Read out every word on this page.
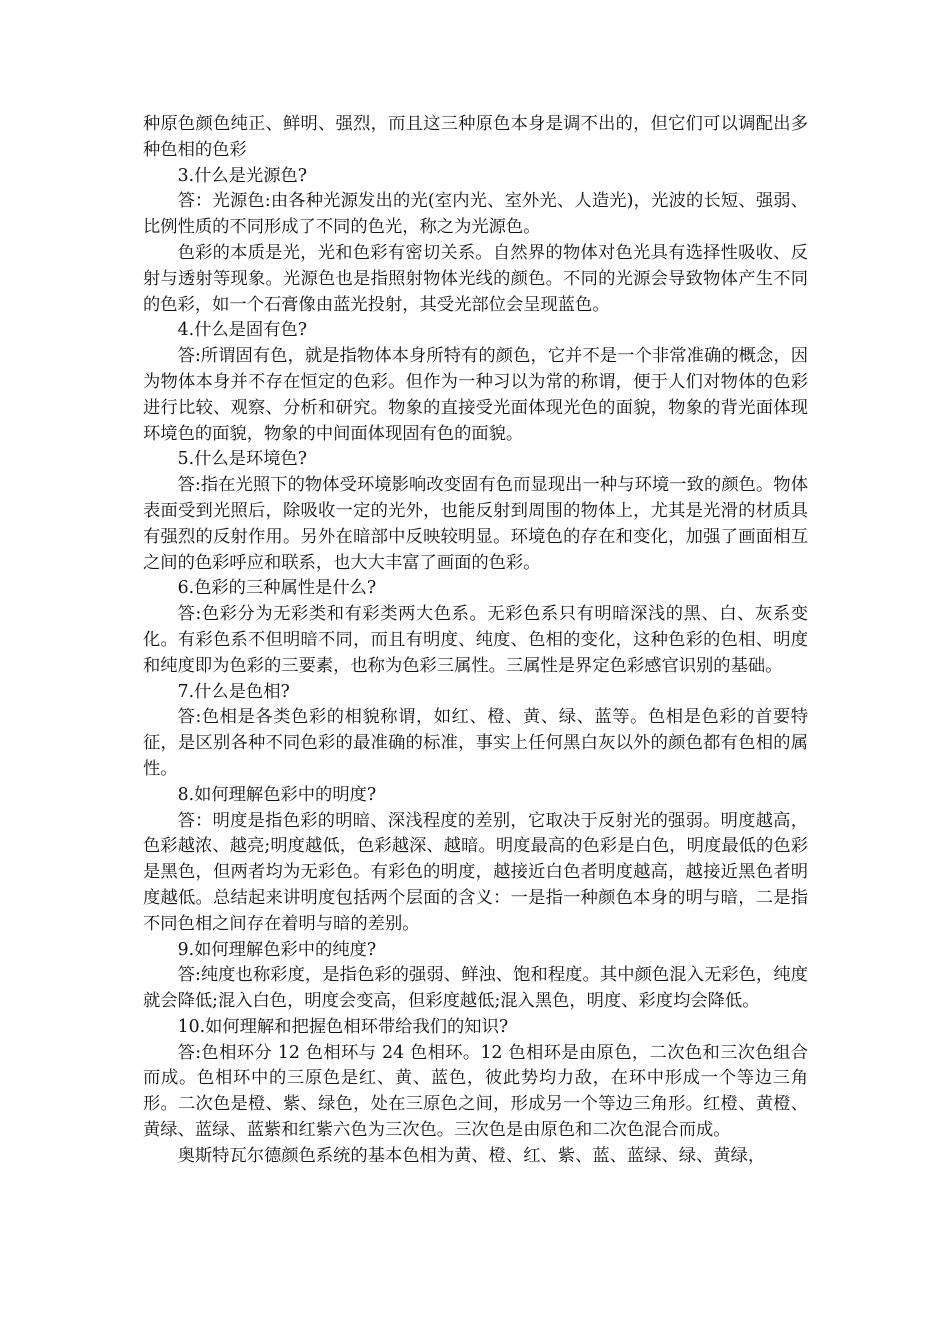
种原色颜色纯正、鲜明、强烈，而且这三种原色本身是调不出的，但它们可以调配出多种色相的色彩

3.什么是光源色?

答：光源色:由各种光源发出的光(室内光、室外光、人造光)，光波的长短、强弱、比例性质的不同形成了不同的色光，称之为光源色。

色彩的本质是光，光和色彩有密切关系。自然界的物体对色光具有选择性吸收、反射与透射等现象。光源色也是指照射物体光线的颜色。不同的光源会导致物体产生不同的色彩，如一个石膏像由蓝光投射，其受光部位会呈现蓝色。

4.什么是固有色?

答:所谓固有色，就是指物体本身所特有的颜色，它并不是一个非常准确的概念，因为物体本身并不存在恒定的色彩。但作为一种习以为常的称谓，便于人们对物体的色彩进行比较、观察、分析和研究。物象的直接受光面体现光色的面貌，物象的背光面体现环境色的面貌，物象的中间面体现固有色的面貌。

5.什么是环境色?

答:指在光照下的物体受环境影响改变固有色而显现出一种与环境一致的颜色。物体表面受到光照后，除吸收一定的光外，也能反射到周围的物体上，尤其是光滑的材质具有强烈的反射作用。另外在暗部中反映较明显。环境色的存在和变化，加强了画面相互之间的色彩呼应和联系，也大大丰富了画面的色彩。

6.色彩的三种属性是什么?

答:色彩分为无彩类和有彩类两大色系。无彩色系只有明暗深浅的黑、白、灰系变化。有彩色系不但明暗不同，而且有明度、纯度、色相的变化，这种色彩的色相、明度和纯度即为色彩的三要素，也称为色彩三属性。三属性是界定色彩感官识别的基础。

7.什么是色相?

答:色相是各类色彩的相貌称谓，如红、橙、黄、绿、蓝等。色相是色彩的首要特征，是区别各种不同色彩的最准确的标准，事实上任何黑白灰以外的颜色都有色相的属性。

8.如何理解色彩中的明度?

答：明度是指色彩的明暗、深浅程度的差别，它取决于反射光的强弱。明度越高，色彩越浓、越亮;明度越低，色彩越深、越暗。明度最高的色彩是白色，明度最低的色彩是黑色，但两者均为无彩色。有彩色的明度，越接近白色者明度越高，越接近黑色者明度越低。总结起来讲明度包括两个层面的含义：一是指一种颜色本身的明与暗，二是指不同色相之间存在着明与暗的差别。

9.如何理解色彩中的纯度?

答:纯度也称彩度，是指色彩的强弱、鲜浊、饱和程度。其中颜色混入无彩色，纯度就会降低;混入白色，明度会变高，但彩度越低;混入黑色，明度、彩度均会降低。

10.如何理解和把握色相环带给我们的知识?

答:色相环分 12 色相环与 24 色相环。12 色相环是由原色，二次色和三次色组合而成。色相环中的三原色是红、黄、蓝色，彼此势均力敌，在环中形成一个等边三角形。二次色是橙、紫、绿色，处在三原色之间，形成另一个等边三角形。红橙、黄橙、黄绿、蓝绿、蓝紫和红紫六色为三次色。三次色是由原色和二次色混合而成。

奥斯特瓦尔德颜色系统的基本色相为黄、橙、红、紫、蓝、蓝绿、绿、黄绿，
